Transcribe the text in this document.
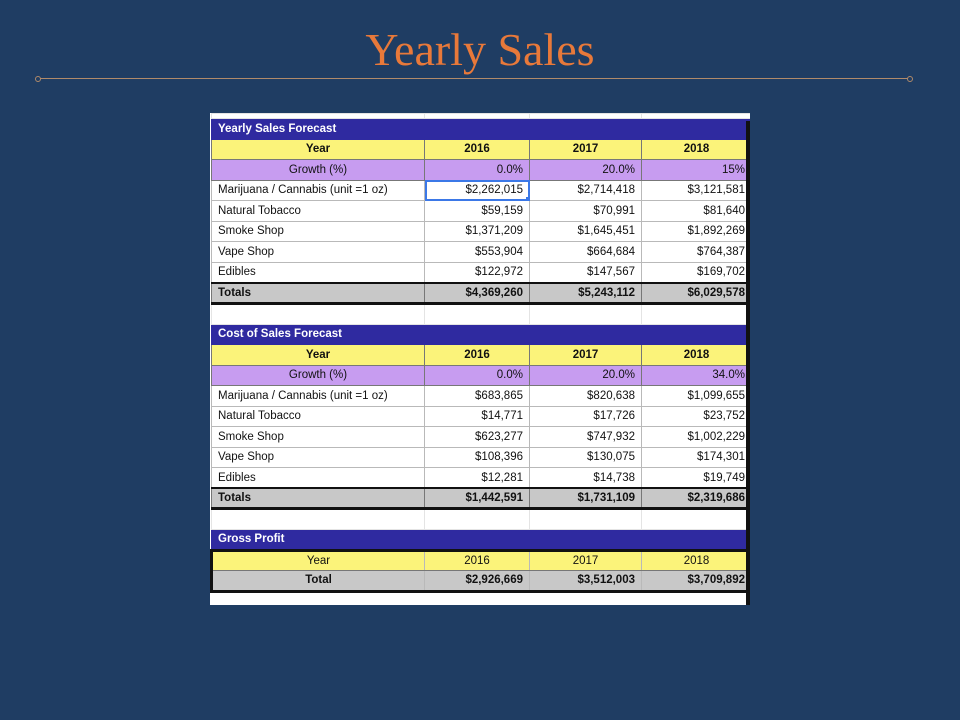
Yearly Sales

Yearly Sales Forecast			
Year	2016	2017	2018
Growth (%)	0.0%	20.0%	15%
Marijuana / Cannabis (unit =1 oz)	$2,262,015	$2,714,418	$3,121,581
Natural Tobacco	$59,159	$70,991	$81,640
Smoke Shop	$1,371,209	$1,645,451	$1,892,269
Vape Shop	$553,904	$664,684	$764,387
Edibles	$122,972	$147,567	$169,702
Totals	$4,369,260	$5,243,112	$6,029,578

Cost of Sales Forecast			
Year	2016	2017	2018
Growth (%)	0.0%	20.0%	34.0%
Marijuana / Cannabis (unit =1 oz)	$683,865	$820,638	$1,099,655
Natural Tobacco	$14,771	$17,726	$23,752
Smoke Shop	$623,277	$747,932	$1,002,229
Vape Shop	$108,396	$130,075	$174,301
Edibles	$12,281	$14,738	$19,749
Totals	$1,442,591	$1,731,109	$2,319,686

Gross Profit			
Year	2016	2017	2018
Total	$2,926,669	$3,512,003	$3,709,892
